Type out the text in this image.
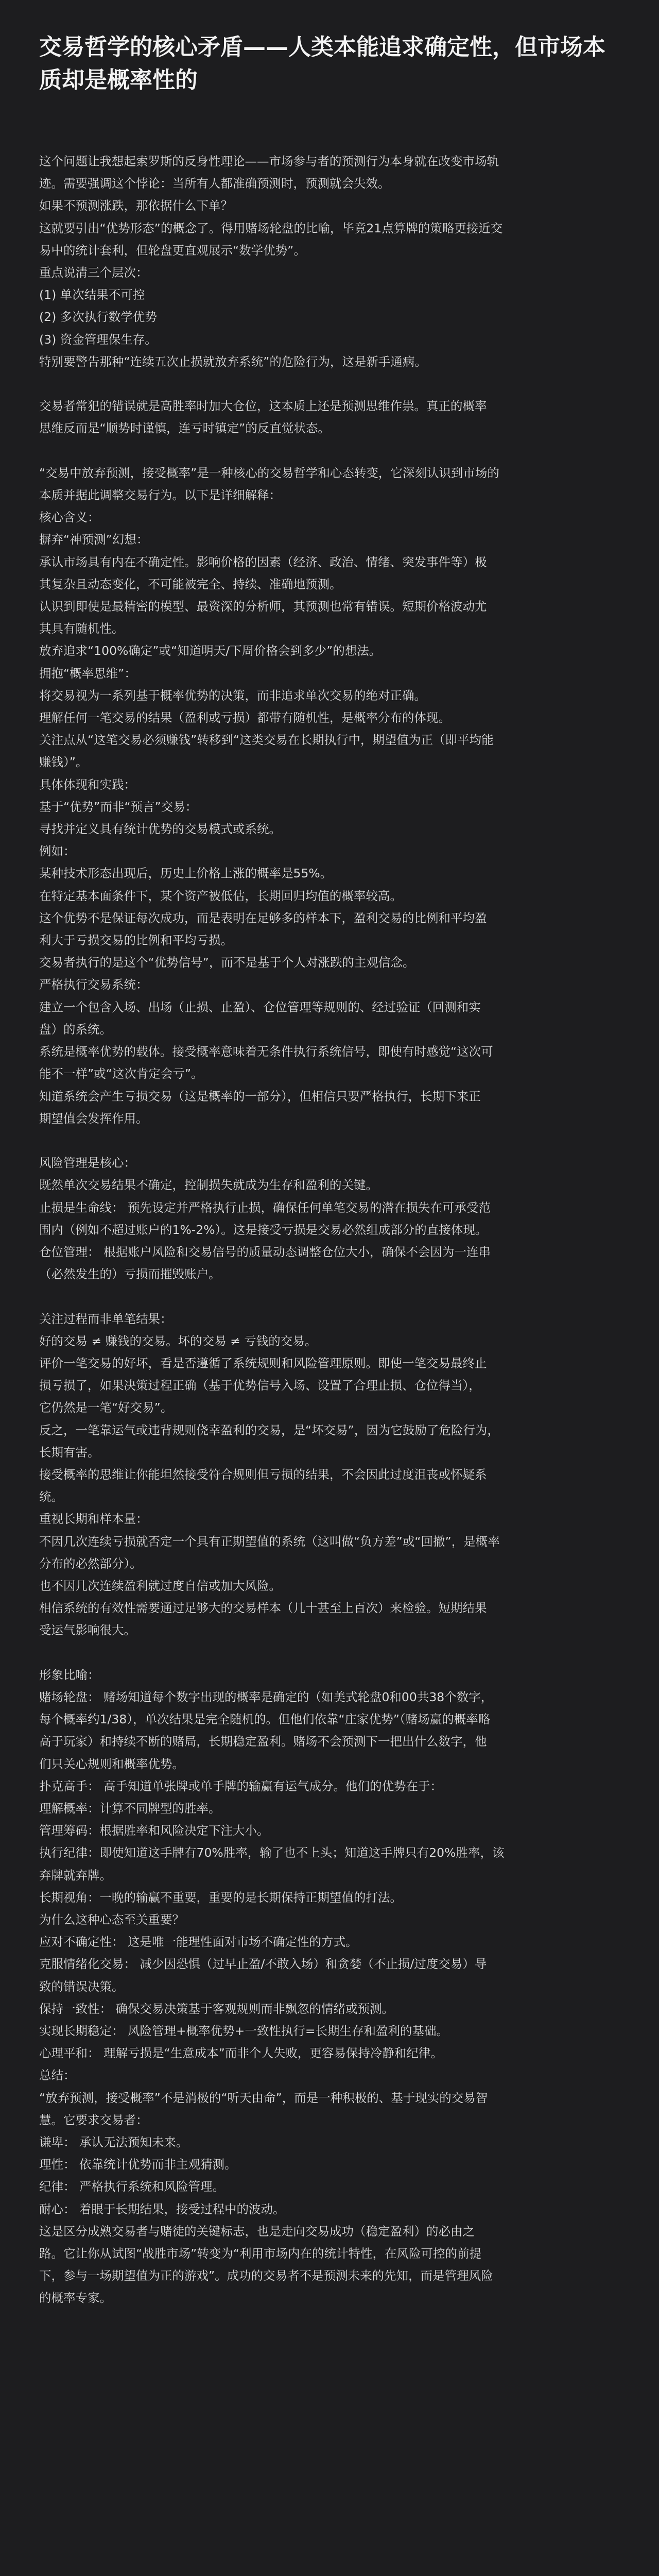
交易哲学的核心矛盾——人类本能追求确定性，但市场本
质却是概率性的
这个问题让我想起索罗斯的反身性理论——市场参与者的预测行为本身就在改变市场轨
迹。需要强调这个悖论：当所有人都准确预测时，预测就会失效。
如果不预测涨跌，那依据什么下单？
这就要引出“优势形态”的概念了。得用赌场轮盘的比喻，毕竟21点算牌的策略更接近交
易中的统计套利，但轮盘更直观展示“数学优势”。
重点说清三个层次：
(1) 单次结果不可控
(2) 多次执行数学优势
(3) 资金管理保生存。
特别要警告那种“连续五次止损就放弃系统”的危险行为，这是新手通病。
交易者常犯的错误就是高胜率时加大仓位，这本质上还是预测思维作祟。真正的概率
思维反而是“顺势时谨慎，连亏时镇定”的反直觉状态。
“交易中放弃预测，接受概率”是一种核心的交易哲学和心态转变，它深刻认识到市场的
本质并据此调整交易行为。以下是详细解释：
核心含义：
摒弃“神预测”幻想：
承认市场具有内在不确定性。影响价格的因素（经济、政治、情绪、突发事件等）极
其复杂且动态变化，不可能被完全、持续、准确地预测。
认识到即使是最精密的模型、最资深的分析师，其预测也常有错误。短期价格波动尤
其具有随机性。
放弃追求“100%确定”或“知道明天/下周价格会到多少”的想法。
拥抱“概率思维”：
将交易视为一系列基于概率优势的决策，而非追求单次交易的绝对正确。
理解任何一笔交易的结果（盈利或亏损）都带有随机性，是概率分布的体现。
关注点从“这笔交易必须赚钱”转移到“这类交易在长期执行中，期望值为正（即平均能
赚钱）”。
具体体现和实践：
基于“优势”而非“预言”交易：
寻找并定义具有统计优势的交易模式或系统。
例如：
某种技术形态出现后，历史上价格上涨的概率是55%。
在特定基本面条件下，某个资产被低估，长期回归均值的概率较高。
这个优势不是保证每次成功，而是表明在足够多的样本下，盈利交易的比例和平均盈
利大于亏损交易的比例和平均亏损。
交易者执行的是这个“优势信号”，而不是基于个人对涨跌的主观信念。
严格执行交易系统：
建立一个包含入场、出场（止损、止盈）、仓位管理等规则的、经过验证（回测和实
盘）的系统。
系统是概率优势的载体。接受概率意味着无条件执行系统信号，即使有时感觉“这次可
能不一样”或“这次肯定会亏”。
知道系统会产生亏损交易（这是概率的一部分），但相信只要严格执行，长期下来正
期望值会发挥作用。
风险管理是核心：
既然单次交易结果不确定，控制损失就成为生存和盈利的关键。
止损是生命线： 预先设定并严格执行止损，确保任何单笔交易的潜在损失在可承受范
围内（例如不超过账户的1%-2%）。这是接受亏损是交易必然组成部分的直接体现。
仓位管理： 根据账户风险和交易信号的质量动态调整仓位大小，确保不会因为一连串
（必然发生的）亏损而摧毁账户。
关注过程而非单笔结果：
好的交易 ≠ 赚钱的交易。坏的交易 ≠ 亏钱的交易。
评价一笔交易的好坏，看是否遵循了系统规则和风险管理原则。即使一笔交易最终止
损亏损了，如果决策过程正确（基于优势信号入场、设置了合理止损、仓位得当），
它仍然是一笔“好交易”。
反之，一笔靠运气或违背规则侥幸盈利的交易，是“坏交易”，因为它鼓励了危险行为，
长期有害。
接受概率的思维让你能坦然接受符合规则但亏损的结果，不会因此过度沮丧或怀疑系
统。
重视长期和样本量：
不因几次连续亏损就否定一个具有正期望值的系统（这叫做“负方差”或“回撤”，是概率
分布的必然部分）。
也不因几次连续盈利就过度自信或加大风险。
相信系统的有效性需要通过足够大的交易样本（几十甚至上百次）来检验。短期结果
受运气影响很大。
形象比喻：
赌场轮盘： 赌场知道每个数字出现的概率是确定的（如美式轮盘0和00共38个数字，
每个概率约1/38），单次结果是完全随机的。但他们依靠“庄家优势”（赌场赢的概率略
高于玩家）和持续不断的赌局，长期稳定盈利。赌场不会预测下一把出什么数字，他
们只关心规则和概率优势。
扑克高手： 高手知道单张牌或单手牌的输赢有运气成分。他们的优势在于：
理解概率：计算不同牌型的胜率。
管理筹码：根据胜率和风险决定下注大小。
执行纪律：即使知道这手牌有70%胜率，输了也不上头；知道这手牌只有20%胜率，该
弃牌就弃牌。
长期视角：一晚的输赢不重要，重要的是长期保持正期望值的打法。
为什么这种心态至关重要？
应对不确定性： 这是唯一能理性面对市场不确定性的方式。
克服情绪化交易： 减少因恐惧（过早止盈/不敢入场）和贪婪（不止损/过度交易）导
致的错误决策。
保持一致性： 确保交易决策基于客观规则而非飘忽的情绪或预测。
实现长期稳定： 风险管理+概率优势+一致性执行=长期生存和盈利的基础。
心理平和： 理解亏损是“生意成本”而非个人失败，更容易保持冷静和纪律。
总结：
“放弃预测，接受概率”不是消极的“听天由命”，而是一种积极的、基于现实的交易智
慧。它要求交易者：
谦卑： 承认无法预知未来。
理性： 依靠统计优势而非主观猜测。
纪律： 严格执行系统和风险管理。
耐心： 着眼于长期结果，接受过程中的波动。
这是区分成熟交易者与赌徒的关键标志，也是走向交易成功（稳定盈利）的必由之
路。它让你从试图“战胜市场”转变为“利用市场内在的统计特性，在风险可控的前提
下，参与一场期望值为正的游戏”。成功的交易者不是预测未来的先知，而是管理风险
的概率专家。
